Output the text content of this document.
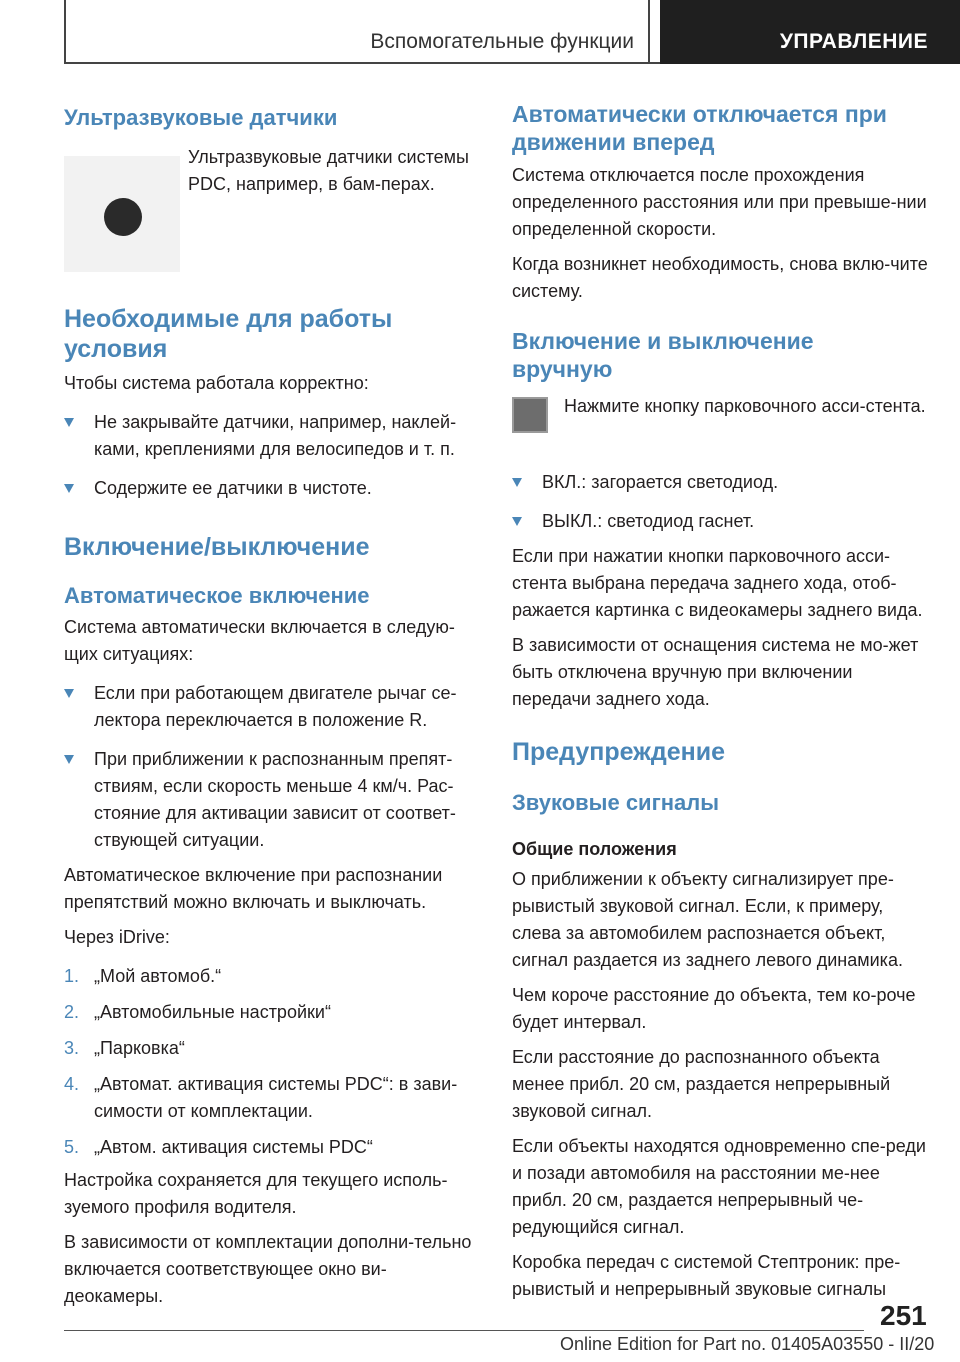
Вспомогательные функции	УПРАВЛЕНИЕ
Ультразвуковые датчики

Ультразвуковые датчики системы PDC, например, в бам-перах.

Необходимые для работы
условия

Чтобы система работала корректно:

Не закрывайте датчики, например, наклей-ками, креплениями для велосипедов и т. п.
Содержите ее датчики в чистоте.
Включение/выключение
Автоматическое включение

Система автоматически включается в следую-щих ситуациях:

Если при работающем двигателе рычаг се-лектора переключается в положение R.
При приближении к распознанным препят-ствиям, если скорость меньше 4 км/ч. Рас-стояние для активации зависит от соответ-ствующей ситуации.

Автоматическое включение при распознании препятствий можно включать и выключать.

Через iDrive:

1. „Мой автомоб.“
2. „Автомобильные настройки“
3. „Парковка“
4. „Автомат. активация системы PDC“: в зави-симости от комплектации.
5. „Автом. активация системы PDC“

Настройка сохраняется для текущего исполь-зуемого профиля водителя.

В зависимости от комплектации дополни-тельно включается соответствующее окно ви-деокамеры.

Автоматически отключается при
движении вперед

Система отключается после прохождения определенного расстояния или при превыше-нии определенной скорости.

Когда возникнет необходимость, снова вклю-чите систему.

Включение и выключение
вручную

Нажмите кнопку парковочного асси-стента.

ВКЛ.: загорается светодиод.
ВЫКЛ.: светодиод гаснет.

Если при нажатии кнопки парковочного асси-стента выбрана передача заднего хода, отоб-ражается картинка с видеокамеры заднего вида.

В зависимости от оснащения система не мо-жет быть отключена вручную при включении передачи заднего хода.

Предупреждение
Звуковые сигналы
Общие положения

О приближении к объекту сигнализирует пре-рывистый звуковой сигнал. Если, к примеру, слева за автомобилем распознается объект, сигнал раздается из заднего левого динамика.

Чем короче расстояние до объекта, тем ко-роче будет интервал.

Если расстояние до распознанного объекта менее прибл. 20 см, раздается непрерывный звуковой сигнал.

Если объекты находятся одновременно спе-реди и позади автомобиля на расстоянии ме-нее прибл. 20 см, раздается непрерывный че-редующийся сигнал.

Коробка передач с системой Стептроник: пре-рывистый и непрерывный звуковые сигналы

251
Online Edition for Part no. 01405A03550 - II/20
